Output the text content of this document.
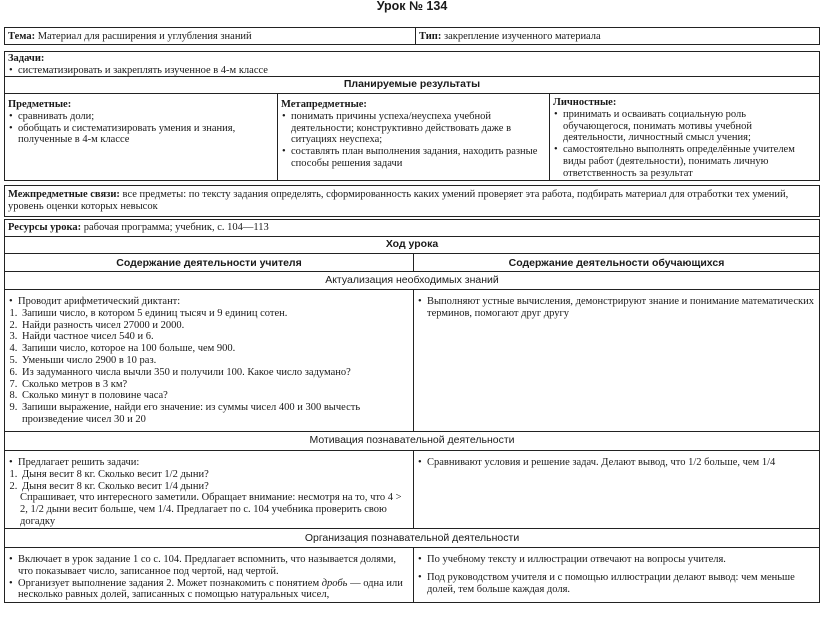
Урок № 134
Тема: Материал для расширения и углубления знаний	Тип: закрепление изученного материала
Задачи:
• систематизировать и закреплять изученное в 4-м классе
Планируемые результаты
Предметные:
• сравнивать доли;
• обобщать и систематизировать умения и знания, полученные в 4-м классе
Метапредметные:
• понимать причины успеха/неуспеха учебной деятельности; конструктивно действовать даже в ситуациях неуспеха;
• составлять план выполнения задания, находить разные способы решения задачи
Личностные:
• принимать и осваивать социальную роль обучающегося, понимать мотивы учебной деятельности, личностный смысл учения;
• самостоятельно выполнять определённые учителем виды работ (деятельности), понимать личную ответственность за результат
Межпредметные связи: все предметы: по тексту задания определять, сформированность каких умений проверяет эта работа, подбирать материал для отработки тех умений, уровень оценки которых невысок
Ресурсы урока: рабочая программа; учебник, с. 104—113
Ход урока
Содержание деятельности учителя	Содержание деятельности обучающихся
Актуализация необходимых знаний
• Проводит арифметический диктант:
1. Запиши число, в котором 5 единиц тысяч и 9 единиц сотен.
2. Найди разность чисел 27000 и 2000.
3. Найди частное чисел 540 и 6.
4. Запиши число, которое на 100 больше, чем 900.
5. Уменьши число 2900 в 10 раз.
6. Из задуманного числа вычли 350 и получили 100. Какое число задумано?
7. Сколько метров в 3 км?
8. Сколько минут в половине часа?
9. Запиши выражение, найди его значение: из суммы чисел 400 и 300 вычесть произведение чисел 30 и 20
• Выполняют устные вычисления, демонстрируют знание и понимание математических терминов, помогают друг другу
Мотивация познавательной деятельности
• Предлагает решить задачи:
1. Дыня весит 8 кг. Сколько весит 1/2 дыни?
2. Дыня весит 8 кг. Сколько весит 1/4 дыни?
Спрашивает, что интересного заметили. Обращает внимание: несмотря на то, что 4 > 2, 1/2 дыни весит больше, чем 1/4. Предлагает по с. 104 учебника проверить свою догадку
• Сравнивают условия и решение задач. Делают вывод, что 1/2 больше, чем 1/4
Организация познавательной деятельности
• Включает в урок задание 1 со с. 104. Предлагает вспомнить, что называется долями, что показывает число, записанное под чертой, над чертой.
• Организует выполнение задания 2. Может познакомить с понятием дробь — одна или несколько равных долей, записанных с помощью натуральных чисел,
• По учебному тексту и иллюстрации отвечают на вопросы учителя.
• Под руководством учителя и с помощью иллюстрации делают вывод: чем меньше долей, тем больше каждая доля.
